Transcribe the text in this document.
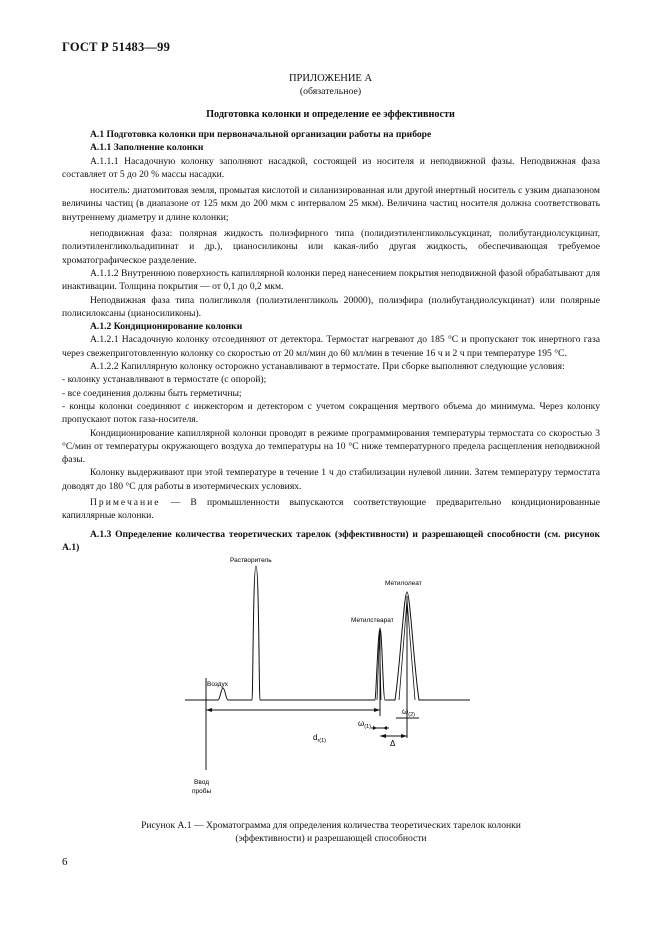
ГОСТ Р 51483—99
ПРИЛОЖЕНИЕ А
(обязательное)
Подготовка колонки и определение ее эффективности

А.1 Подготовка колонки при первоначальной организации работы на приборе

А.1.1 Заполнение колонки

А.1.1.1 Насадочную колонку заполняют насадкой, состоящей из носителя и неподвижной фазы. Неподвижная фаза составляет от 5 до 20 % массы насадки.

носитель: диатомитовая земля, промытая кислотой и силанизированная или другой инертный носитель с узким диапазоном величины частиц (в диапазоне от 125 мкм до 200 мкм с интервалом 25 мкм). Величина частиц носителя должна соответствовать внутреннему диаметру и длине колонки;

неподвижная фаза: полярная жидкость полиэфирного типа (полидиэтиленгликольсукцинат, полибутандиолсукцинат, полиэтиленгликольадипинат и др.), цианосиликоны или какая-либо другая жидкость, обеспечивающая требуемое хроматографическое разделение.

А.1.1.2 Внутреннюю поверхность капиллярной колонки перед нанесением покрытия неподвижной фазой обрабатывают для инактивации. Толщина покрытия — от 0,1 до 0,2 мкм.

Неподвижная фаза типа полигликоля (полиэтиленгликоль 20000), полиэфира (полибутандиолсукцинат) или полярные полисилоксаны (цианосиликоны).

А.1.2 Кондиционирование колонки

А.1.2.1 Насадочную колонку отсоединяют от детектора. Термостат нагревают до 185 °С и пропускают ток инертного газа через свежеприготовленную колонку со скоростью от 20 мл/мин до 60 мл/мин в течение 16 ч и 2 ч при температуре 195 °С.

А.1.2.2 Капиллярную колонку осторожно устанавливают в термостате. При сборке выполняют следующие условия:

- колонку устанавливают в термостате (с опорой);

- все соединения должны быть герметичны;

- концы колонки соединяют с инжектором и детектором с учетом сокращения мертвого объема до минимума. Через колонку пропускают поток газа-носителя.

Кондиционирование капиллярной колонки проводят в режиме программирования температуры термостата со скоростью 3 °С/мин от температуры окружающего воздуха до температуры на 10 °С ниже температурного предела расщепления неподвижной фазы.

Колонку выдерживают при этой температуре в течение 1 ч до стабилизации нулевой линии. Затем температуру термостата доводят до 180 °С для работы в изотермических условиях.

Примечание — В промышленности выпускаются соответствующие предварительно кондиционированные капиллярные колонки.

А.1.3 Определение количества теоретических тарелок (эффективности) и разрешающей способности (см. рисунок А.1)

Растворитель
Воздух
Метилолеат
Метилстеарат
$d_{r(1)}$
$\omega_{(1)}$
$\omega_{(2)}$
Δ
Ввод
пробы
Рисунок А.1 — Хроматограмма для определения количества теоретических тарелок колонки
(эффективности) и разрешающей способности
6
